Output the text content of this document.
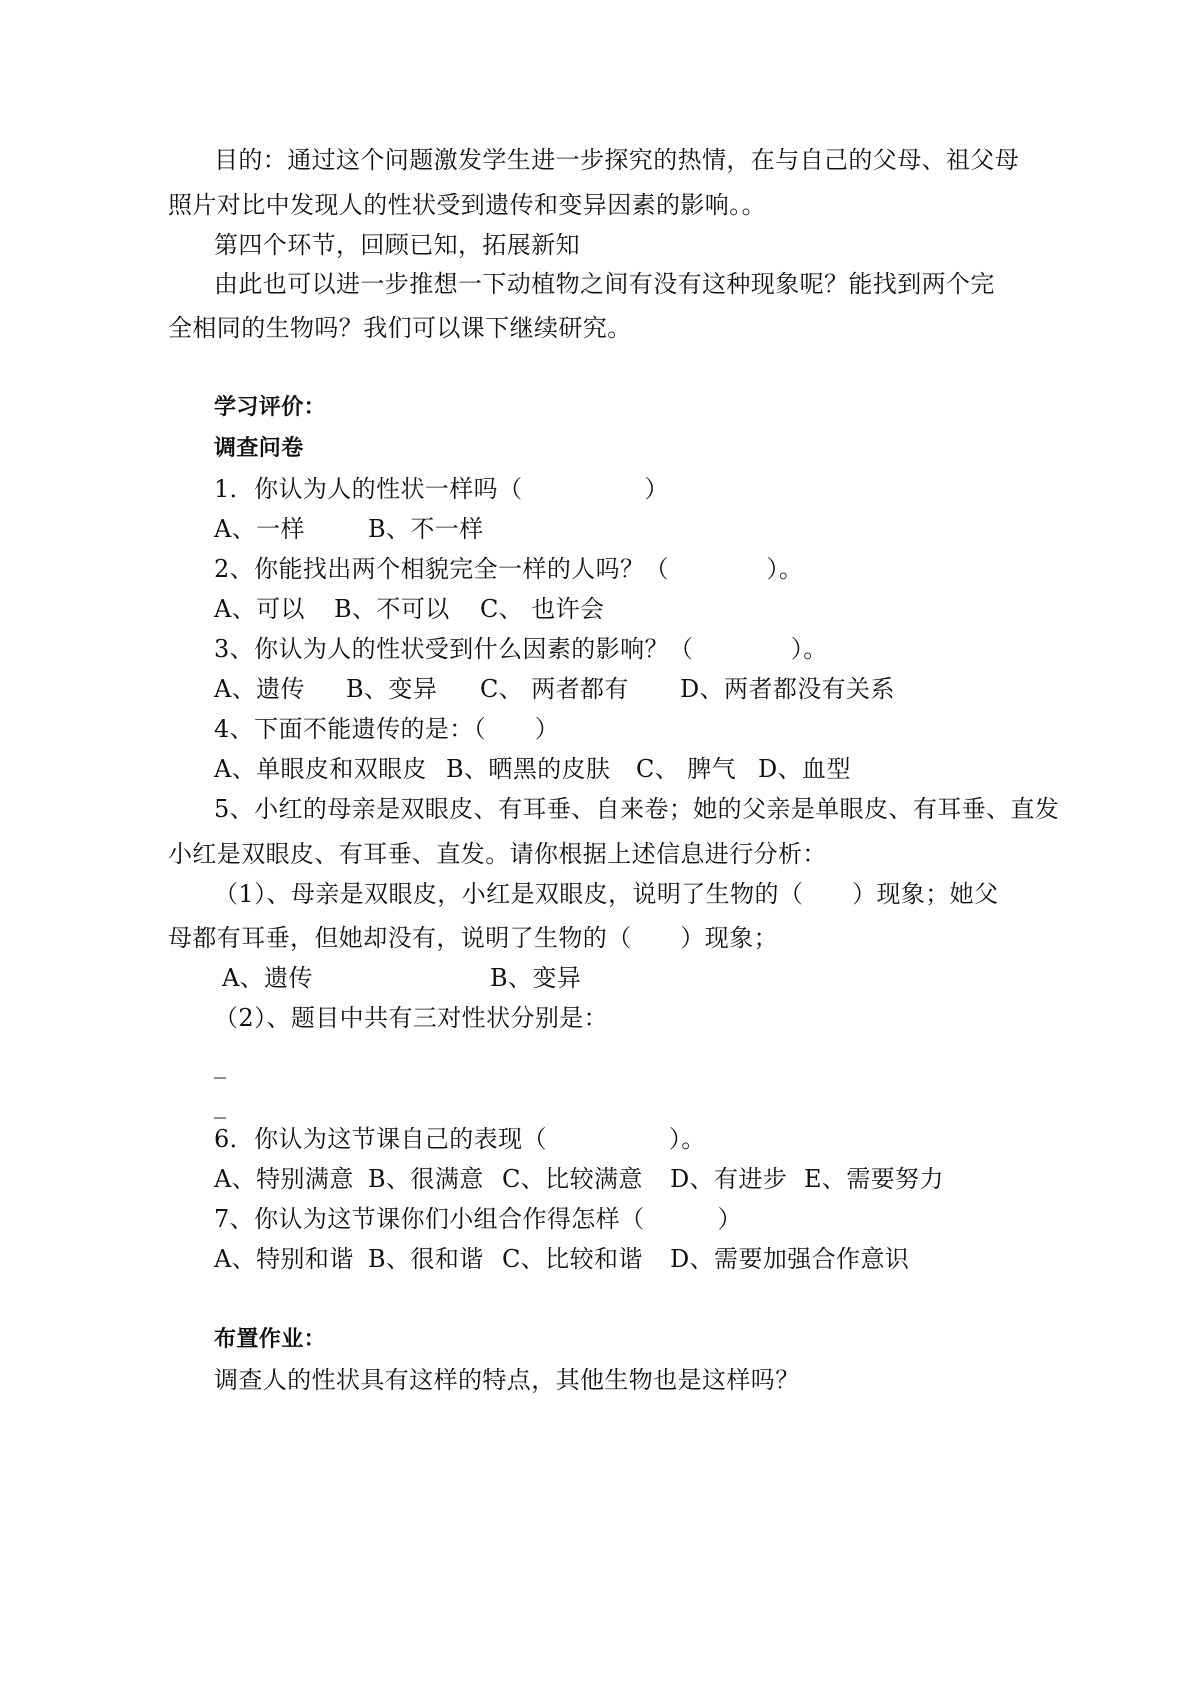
目的：通过这个问题激发学生进一步探究的热情，在与自己的父母、祖父母

照片对比中发现人的性状受到遗传和变异因素的影响。。

第四个环节，回顾已知，拓展新知

由此也可以进一步推想一下动植物之间有没有这种现象呢？能找到两个完

全相同的生物吗？我们可以课下继续研究。

学习评价：

调查问卷

1．你认为人的性状一样吗（　　　　　）

A、一样	B、不一样

2、你能找出两个相貌完全一样的人吗？（　　　　）。

A、可以 B、不可以 C、 也许会

3、你认为人的性状受到什么因素的影响？（　　　　）。

A、遗传 B、变异 C、 两者都有 D、两者都没有关系

4、下面不能遗传的是：（　　）

A、单眼皮和双眼皮 B、晒黑的皮肤 C、 脾气 D、血型

5、小红的母亲是双眼皮、有耳垂、自来卷；她的父亲是单眼皮、有耳垂、直发

小红是双眼皮、有耳垂、直发。请你根据上述信息进行分析：

（1）、母亲是双眼皮，小红是双眼皮，说明了生物的（　　）现象；她父

母都有耳垂，但她却没有，说明了生物的（　　）现象；

A、遗传	B、变异

（2）、题目中共有三对性状分别是：

_

_

6．你认为这节课自己的表现（　　　　　）。

A、特别满意 B、很满意 C、比较满意 D、有进步 E、需要努力

7、你认为这节课你们小组合作得怎样（　　　）

A、特别和谐 B、很和谐 C、比较和谐 D、需要加强合作意识

布置作业：

调查人的性状具有这样的特点，其他生物也是这样吗？
